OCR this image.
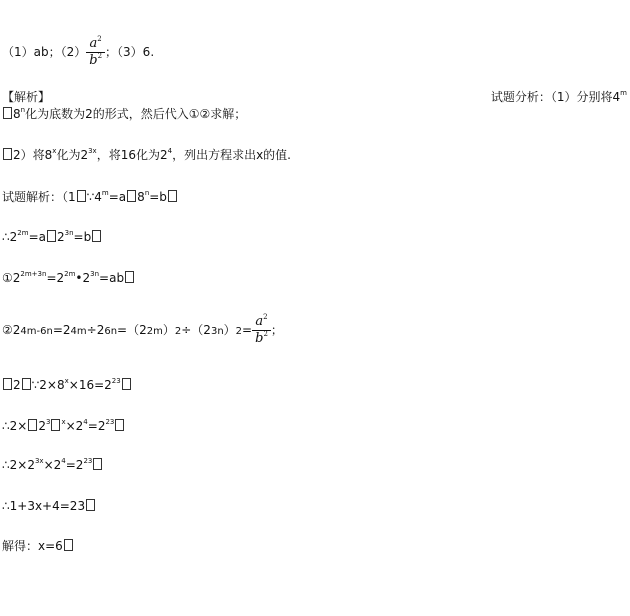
（1）ab；$(2) \frac{a^2}{b^2}$ ；（3）6.
【解析】	试题分析：（1）分别将4$^m$
8$^n$化为底数为2的形式，然后代入①②求解；
2）将8$^x$化为$2^{3x}$，将16化为$2^4$，列出方程求出x的值.
试题解析：（1 $\because 4^m=a$ $8^n=b$
$\therefore 2^{2m}=a$ $2^{3n}=b$
$①2^{2m+3n}=2^{2m}•2^{3n}=ab$
②24m-6n=24m÷26n=（22m）2÷（23n）2= $\frac{a^2}{b^2}$ ；
2 $\because 2\times 8^x\times 16=2^{23}$
∴2× $2^3$ $^x\times 2^4=2^{23}$
$\therefore 2\times 2^{3x}\times 2^4=2^{23}$
∴1+3x+4=23
解得：x=6
